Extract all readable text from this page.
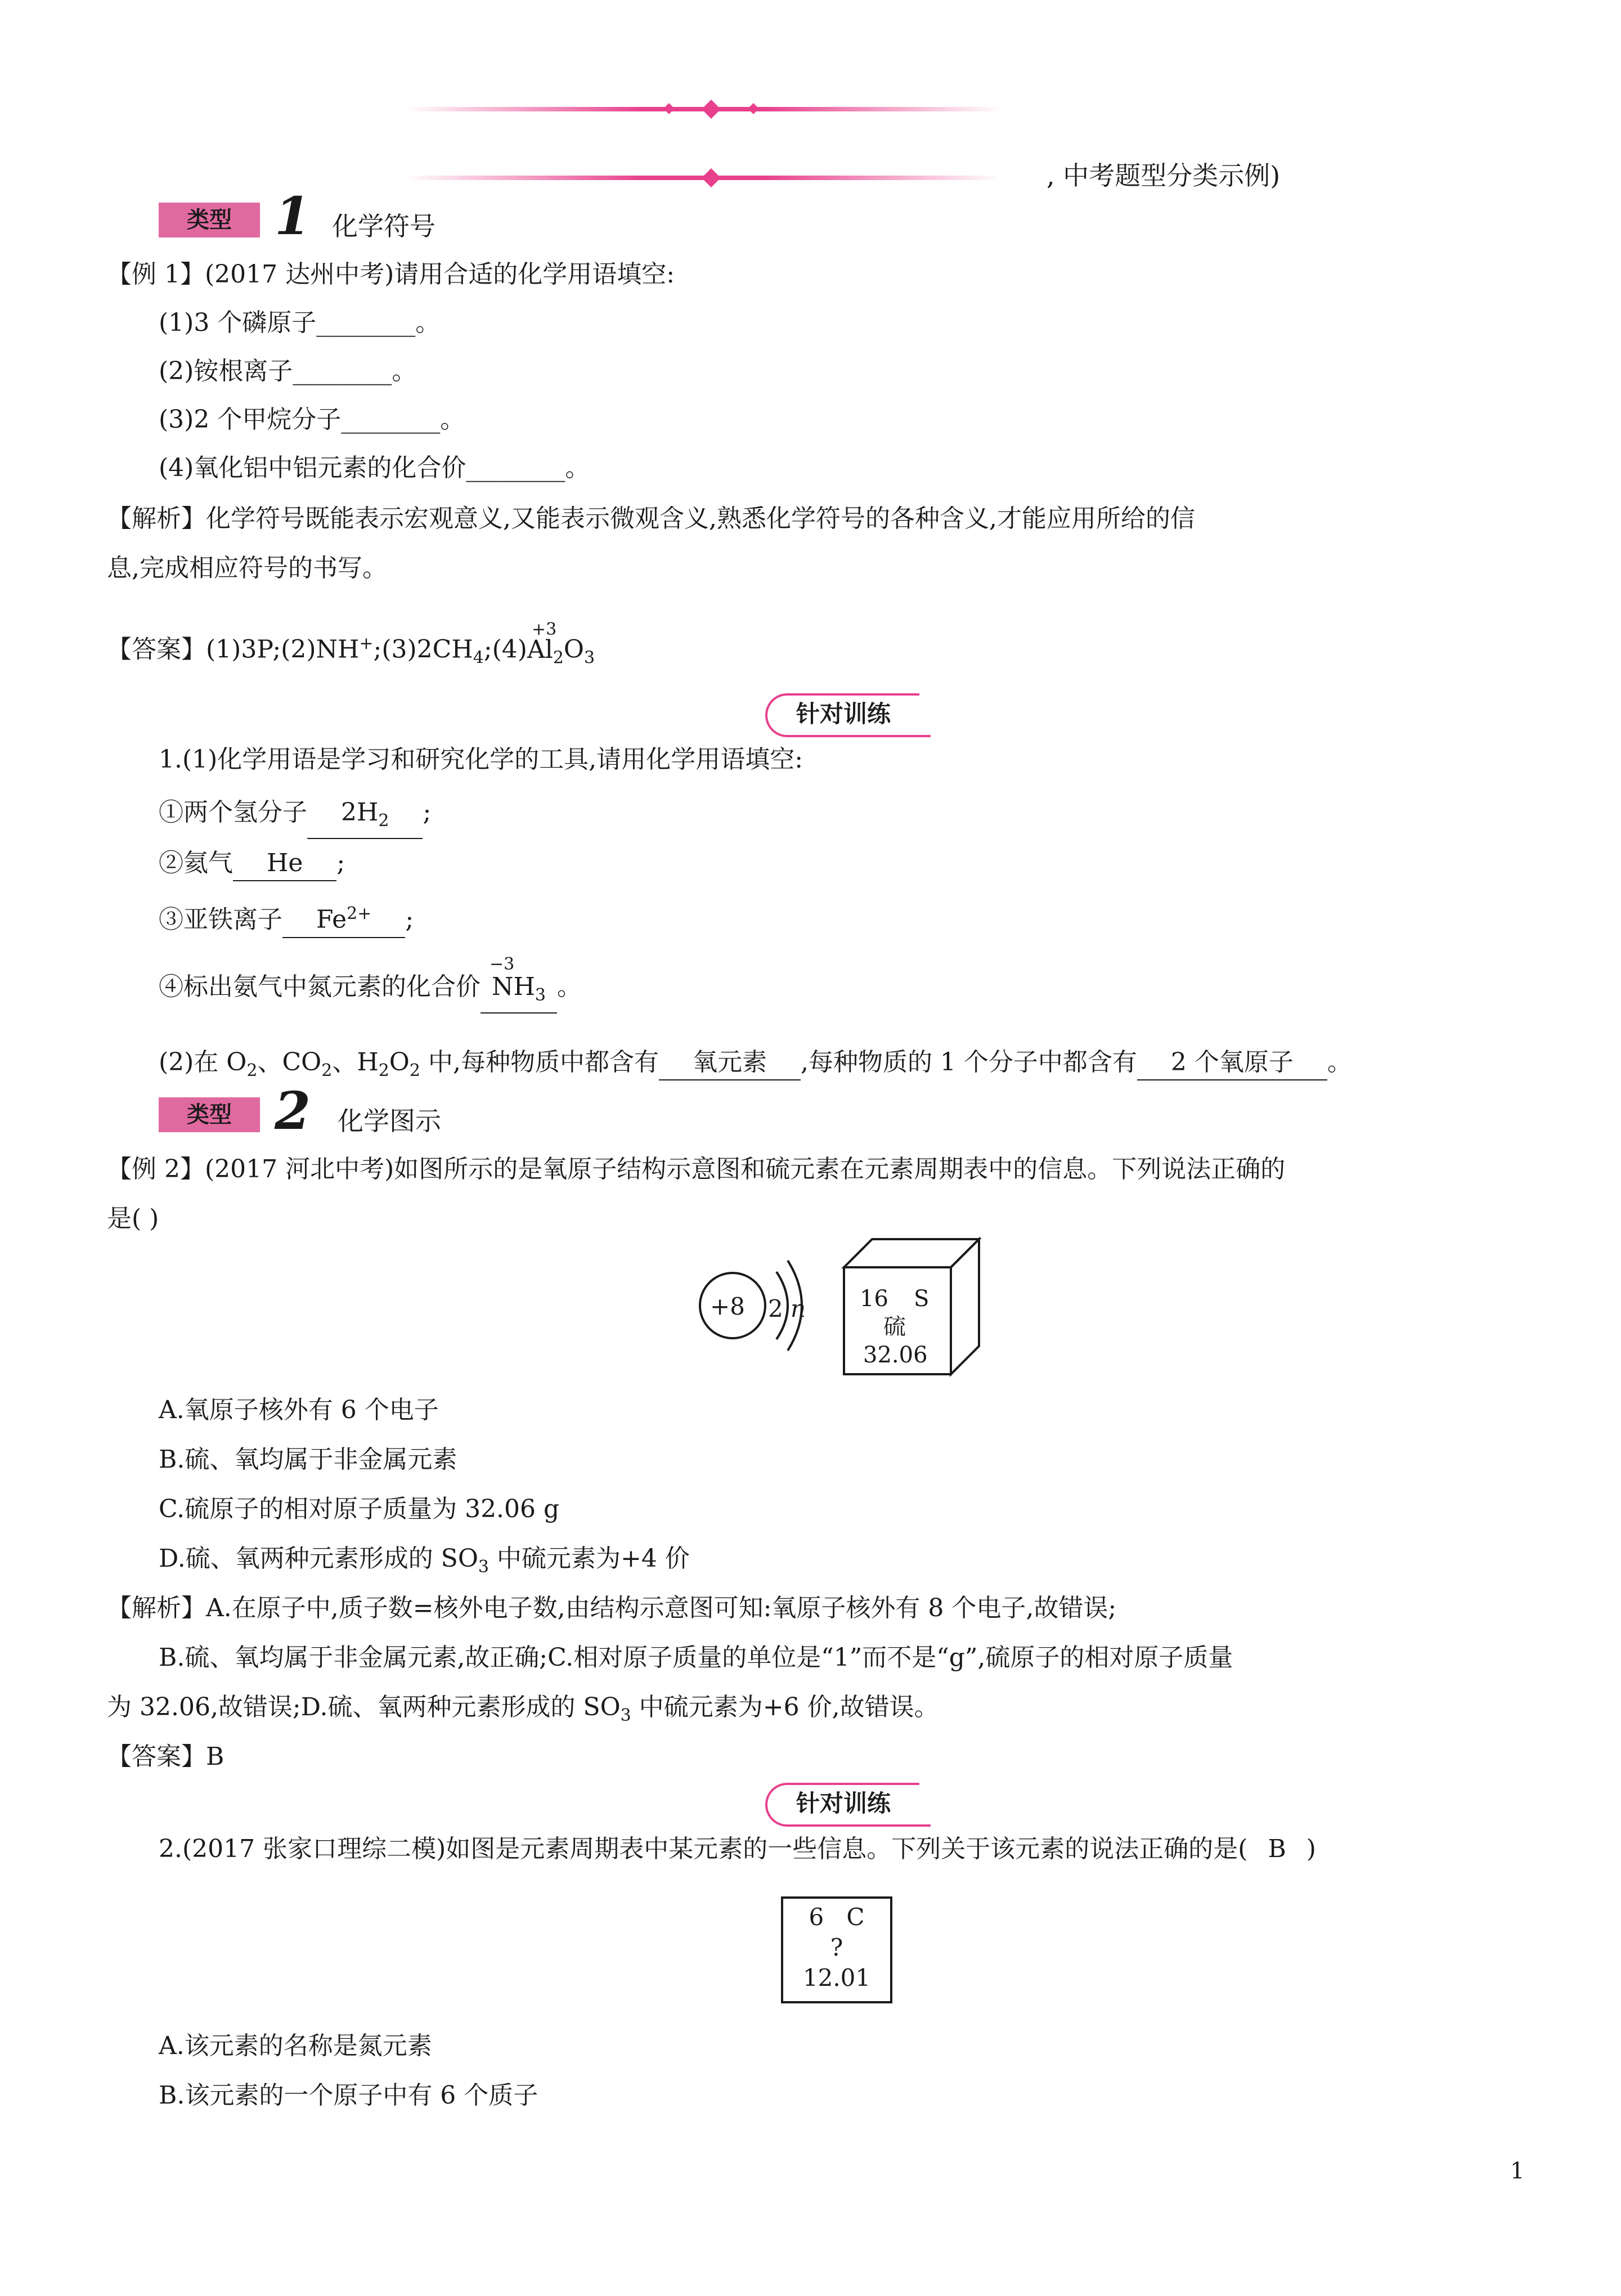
, 中考题型分类示例)
类型 1 化学符号
【例 1】(2017 达州中考)请用合适的化学用语填空:
(1)3 个磷原子________。
(2)铵根离子________。
(3)2 个甲烷分子________。
(4)氧化铝中铝元素的化合价________。
【解析】化学符号既能表示宏观意义,又能表示微观含义,熟悉化学符号的各种含义,才能应用所给的信
息,完成相应符号的书写。
【答案】$(1)3P;(2)NH^+;(3)2CH_4;(4)$
+3
$Al_2O_3$
针对训练
1.(1)化学用语是学习和研究化学的工具,请用化学用语填空:
①两个氢分子 $2H_2$ ;
②氦气 He ;
③亚铁离子 $Fe^{2+}$ ;
④标出氨气中氮元素的化合价
−3
$NH_3$ 。
(2)在 $O_2$、$CO_2$、$H_2O_2$ 中,每种物质中都含有 氧元素 ,每种物质的 1 个分子中都含有 2 个氧原子 。
类型 2 化学图示
【例 2】(2017 河北中考)如图所示的是氧原子结构示意图和硫元素在元素周期表中的信息。下列说法正确的
是( )
+8 2 n 16 S
硫
32.06
A.氧原子核外有 6 个电子
B.硫、氧均属于非金属元素
C.硫原子的相对原子质量为 32.06 g
D.硫、氧两种元素形成的 $SO_3$ 中硫元素为+4 价
【解析】A.在原子中,质子数=核外电子数,由结构示意图可知:氧原子核外有 8 个电子,故错误;
B.硫、氧均属于非金属元素,故正确;C.相对原子质量的单位是“1”而不是“g”,硫原子的相对原子质量
为 32.06,故错误;D.硫、氧两种元素形成的 $SO_3$ 中硫元素为+6 价,故错误。
【答案】B
针对训练
2.(2017 张家口理综二模)如图是元素周期表中某元素的一些信息。下列关于该元素的说法正确的是( B )
6 C
?
12.01
A.该元素的名称是氮元素
B.该元素的一个原子中有 6 个质子
1
